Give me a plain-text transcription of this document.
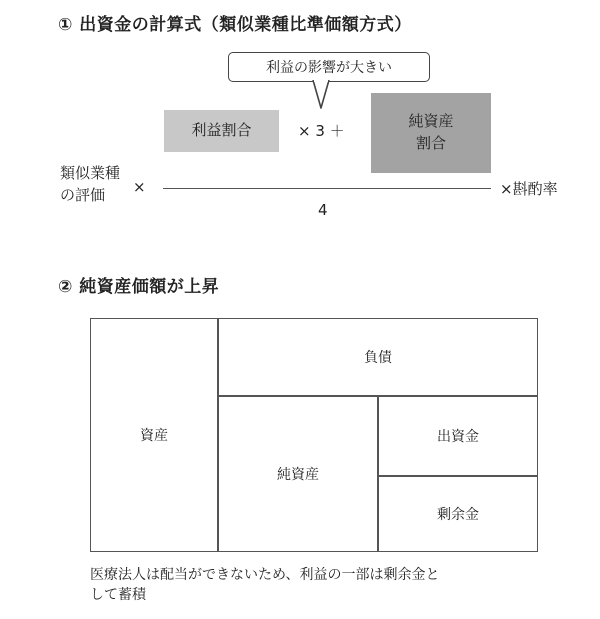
① 出資金の計算式（類似業種比準価額方式）
利益の影響が大きい
利益割合	× 3 ＋
純資産
割合
類似業種
の評価	×
4
×斟酌率
② 純資産価額が上昇
資産
負債
純資産
出資金
剰余金
医療法人は配当ができないため、利益の一部は剰余金と
して蓄積
